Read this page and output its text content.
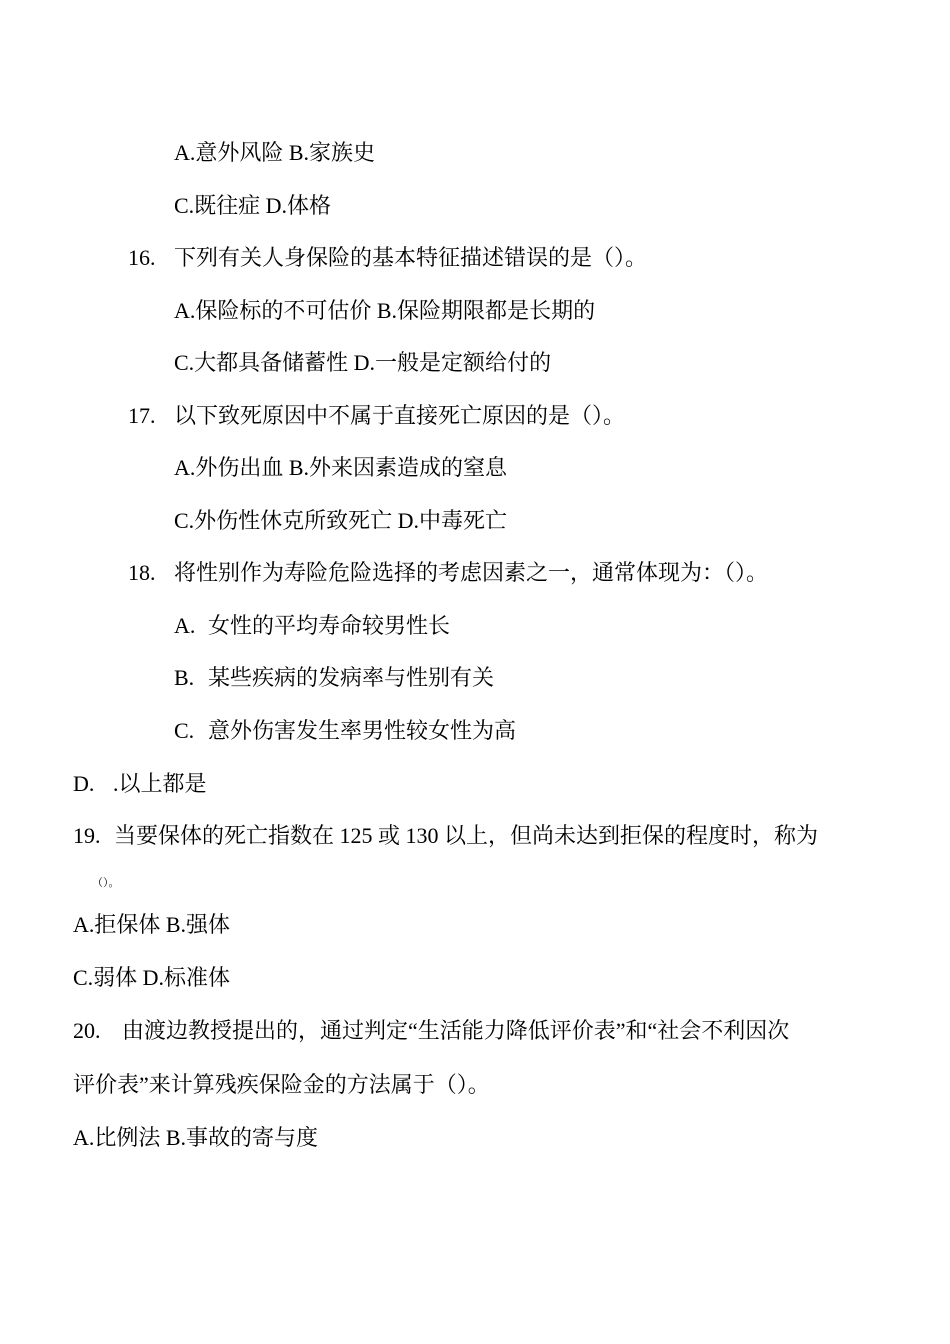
A.意外风险 B.家族史
C.既往症 D.体格
16. 下列有关人身保险的基本特征描述错误的是（）。
A.保险标的不可估价 B.保险期限都是长期的
C.大都具备储蓄性 D.一般是定额给付的
17. 以下致死原因中不属于直接死亡原因的是（）。
A.外伤出血 B.外来因素造成的窒息
C.外伤性休克所致死亡 D.中毒死亡
18. 将性别作为寿险危险选择的考虑因素之一，通常体现为：（）。
A. 女性的平均寿命较男性长
B. 某些疾病的发病率与性别有关
C. 意外伤害发生率男性较女性为高
D. .以上都是
19. 当要保体的死亡指数在 125 或 130 以上，但尚未达到拒保的程度时，称为
（）。
A.拒保体 B.强体
C.弱体 D.标准体
20. 由渡边教授提出的，通过判定“生活能力降低评价表”和“社会不利因次
评价表”来计算残疾保险金的方法属于（）。
A.比例法 B.事故的寄与度
